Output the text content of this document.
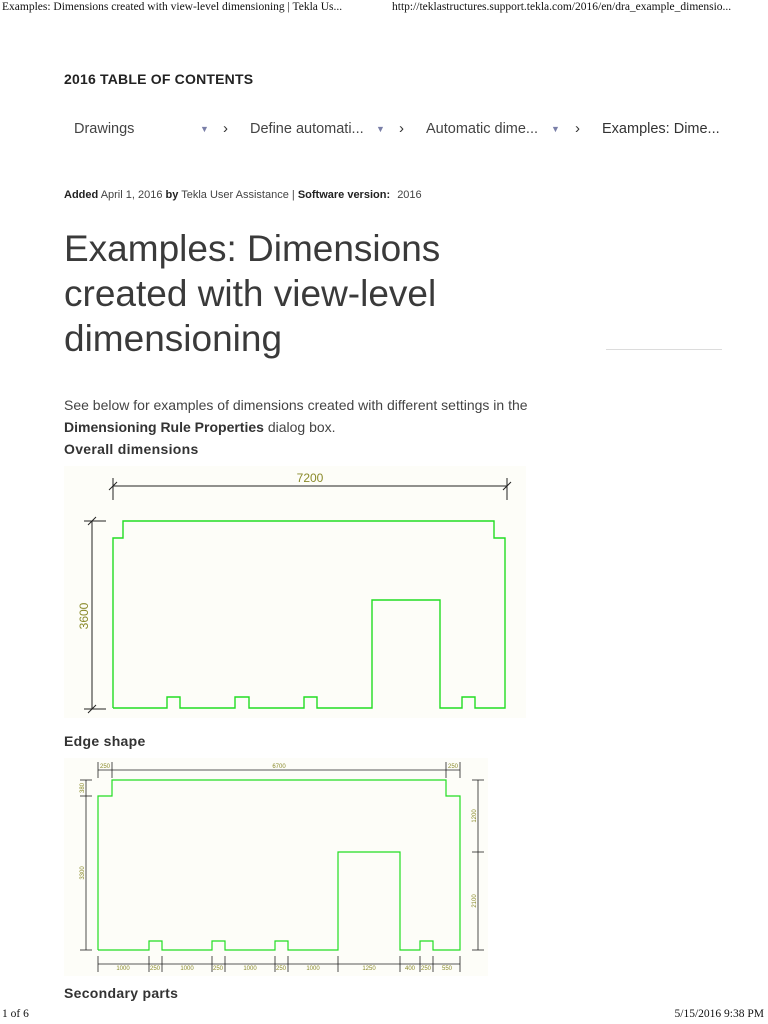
Examples: Dimensions created with view-level dimensioning | Tekla Us...	http://teklastructures.support.tekla.com/2016/en/dra_example_dimensio...
2016 TABLE OF CONTENTS
Drawings	▼ › Define automati... ▼ › Automatic dime... ▼ › Examples: Dime...
Added April 1, 2016 by Tekla User Assistance | Software version: 2016
Examples: Dimensions created with view-level dimensioning

See below for examples of dimensions created with different settings in the Dimensioning Rule Properties dialog box.

Overall dimensions
7200
3600
Edge shape
250	6700	250
380
3300
1200
2100
1000	250	1000	250	1000	250	1000	1250	400 250 550
Secondary parts
1 of 6	5/15/2016 9:38 PM
